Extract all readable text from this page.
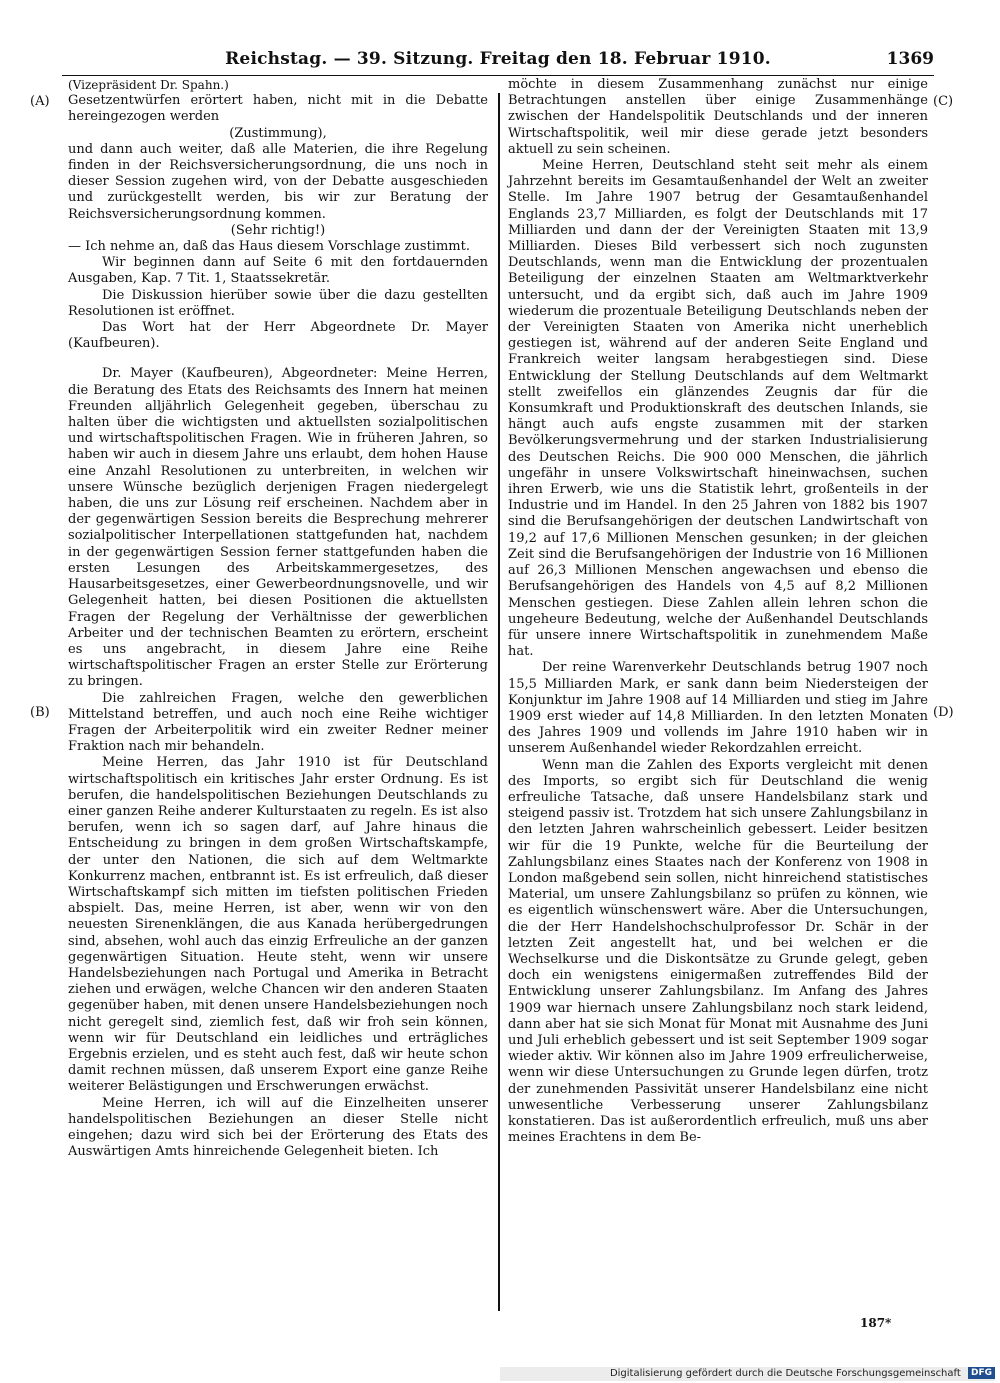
Reichstag. — 39. Sitzung. Freitag den 18. Februar 1910.	1369
(A)
(B)
(C)
(D)

(Vizepräsident Dr. Spahn.)

Gesetzentwürfen erörtert haben, nicht mit in die Debatte hereingezogen werden

(Zustimmung),

und dann auch weiter, daß alle Materien, die ihre Regelung finden in der Reichsversicherungsordnung, die uns noch in dieser Session zugehen wird, von der Debatte ausgeschieden und zurückgestellt werden, bis wir zur Beratung der Reichsversicherungsordnung kommen.

(Sehr richtig!)

— Ich nehme an, daß das Haus diesem Vorschlage zustimmt.

Wir beginnen dann auf Seite 6 mit den fortdauernden Ausgaben, Kap. 7 Tit. 1, Staatssekretär.

Die Diskussion hierüber sowie über die dazu gestellten Resolutionen ist eröffnet.

Das Wort hat der Herr Abgeordnete Dr. Mayer (Kaufbeuren).

Dr. Mayer (Kaufbeuren), Abgeordneter: Meine Herren, die Beratung des Etats des Reichsamts des Innern hat meinen Freunden alljährlich Gelegenheit gegeben, überschau zu halten über die wichtigsten und aktuellsten sozialpolitischen und wirtschaftspolitischen Fragen. Wie in früheren Jahren, so haben wir auch in diesem Jahre uns erlaubt, dem hohen Hause eine Anzahl Resolutionen zu unterbreiten, in welchen wir unsere Wünsche bezüglich derjenigen Fragen niedergelegt haben, die uns zur Lösung reif erscheinen. Nachdem aber in der gegenwärtigen Session bereits die Besprechung mehrerer sozialpolitischer Interpellationen stattgefunden hat, nachdem in der gegenwärtigen Session ferner stattgefunden haben die ersten Lesungen des Arbeitskammergesetzes, des Hausarbeitsgesetzes, einer Gewerbeordnungsnovelle, und wir Gelegenheit hatten, bei diesen Positionen die aktuellsten Fragen der Regelung der Verhältnisse der gewerblichen Arbeiter und der technischen Beamten zu erörtern, erscheint es uns angebracht, in diesem Jahre eine Reihe wirtschaftspolitischer Fragen an erster Stelle zur Erörterung zu bringen.

Die zahlreichen Fragen, welche den gewerblichen Mittelstand betreffen, und auch noch eine Reihe wichtiger Fragen der Arbeiterpolitik wird ein zweiter Redner meiner Fraktion nach mir behandeln.

Meine Herren, das Jahr 1910 ist für Deutschland wirtschaftspolitisch ein kritisches Jahr erster Ordnung. Es ist berufen, die handelspolitischen Beziehungen Deutschlands zu einer ganzen Reihe anderer Kulturstaaten zu regeln. Es ist also berufen, wenn ich so sagen darf, auf Jahre hinaus die Entscheidung zu bringen in dem großen Wirtschaftskampfe, der unter den Nationen, die sich auf dem Weltmarkte Konkurrenz machen, entbrannt ist. Es ist erfreulich, daß dieser Wirtschaftskampf sich mitten im tiefsten politischen Frieden abspielt. Das, meine Herren, ist aber, wenn wir von den neuesten Sirenenklängen, die aus Kanada herübergedrungen sind, absehen, wohl auch das einzig Erfreuliche an der ganzen gegenwärtigen Situation. Heute steht, wenn wir unsere Handelsbeziehungen nach Portugal und Amerika in Betracht ziehen und erwägen, welche Chancen wir den anderen Staaten gegenüber haben, mit denen unsere Handelsbeziehungen noch nicht geregelt sind, ziemlich fest, daß wir froh sein können, wenn wir für Deutschland ein leidliches und erträgliches Ergebnis erzielen, und es steht auch fest, daß wir heute schon damit rechnen müssen, daß unserem Export eine ganze Reihe weiterer Belästigungen und Erschwerungen erwächst.

Meine Herren, ich will auf die Einzelheiten unserer handelspolitischen Beziehungen an dieser Stelle nicht eingehen; dazu wird sich bei der Erörterung des Etats des Auswärtigen Amts hinreichende Gelegenheit bieten. Ich

möchte in diesem Zusammenhang zunächst nur einige Betrachtungen anstellen über einige Zusammenhänge zwischen der Handelspolitik Deutschlands und der inneren Wirtschaftspolitik, weil mir diese gerade jetzt besonders aktuell zu sein scheinen.

Meine Herren, Deutschland steht seit mehr als einem Jahrzehnt bereits im Gesamtaußenhandel der Welt an zweiter Stelle. Im Jahre 1907 betrug der Gesamtaußenhandel Englands 23,7 Milliarden, es folgt der Deutschlands mit 17 Milliarden und dann der der Vereinigten Staaten mit 13,9 Milliarden. Dieses Bild verbessert sich noch zugunsten Deutschlands, wenn man die Entwicklung der prozentualen Beteiligung der einzelnen Staaten am Weltmarktverkehr untersucht, und da ergibt sich, daß auch im Jahre 1909 wiederum die prozentuale Beteiligung Deutschlands neben der der Vereinigten Staaten von Amerika nicht unerheblich gestiegen ist, während auf der anderen Seite England und Frankreich weiter langsam herabgestiegen sind. Diese Entwicklung der Stellung Deutschlands auf dem Weltmarkt stellt zweifellos ein glänzendes Zeugnis dar für die Konsumkraft und Produktionskraft des deutschen Inlands, sie hängt auch aufs engste zusammen mit der starken Bevölkerungsvermehrung und der starken Industrialisierung des Deutschen Reichs. Die 900 000 Menschen, die jährlich ungefähr in unsere Volkswirtschaft hineinwachsen, suchen ihren Erwerb, wie uns die Statistik lehrt, großenteils in der Industrie und im Handel. In den 25 Jahren von 1882 bis 1907 sind die Berufsangehörigen der deutschen Landwirtschaft von 19,2 auf 17,6 Millionen Menschen gesunken; in der gleichen Zeit sind die Berufsangehörigen der Industrie von 16 Millionen auf 26,3 Millionen Menschen angewachsen und ebenso die Berufsangehörigen des Handels von 4,5 auf 8,2 Millionen Menschen gestiegen. Diese Zahlen allein lehren schon die ungeheure Bedeutung, welche der Außenhandel Deutschlands für unsere innere Wirtschaftspolitik in zunehmendem Maße hat.

Der reine Warenverkehr Deutschlands betrug 1907 noch 15,5 Milliarden Mark, er sank dann beim Niedersteigen der Konjunktur im Jahre 1908 auf 14 Milliarden und stieg im Jahre 1909 erst wieder auf 14,8 Milliarden. In den letzten Monaten des Jahres 1909 und vollends im Jahre 1910 haben wir in unserem Außenhandel wieder Rekordzahlen erreicht.

Wenn man die Zahlen des Exports vergleicht mit denen des Imports, so ergibt sich für Deutschland die wenig erfreuliche Tatsache, daß unsere Handelsbilanz stark und steigend passiv ist. Trotzdem hat sich unsere Zahlungsbilanz in den letzten Jahren wahrscheinlich gebessert. Leider besitzen wir für die 19 Punkte, welche für die Beurteilung der Zahlungsbilanz eines Staates nach der Konferenz von 1908 in London maßgebend sein sollen, nicht hinreichend statistisches Material, um unsere Zahlungsbilanz so prüfen zu können, wie es eigentlich wünschenswert wäre. Aber die Untersuchungen, die der Herr Handelshochschulprofessor Dr. Schär in der letzten Zeit angestellt hat, und bei welchen er die Wechselkurse und die Diskontsätze zu Grunde gelegt, geben doch ein wenigstens einigermaßen zutreffendes Bild der Entwicklung unserer Zahlungsbilanz. Im Anfang des Jahres 1909 war hiernach unsere Zahlungsbilanz noch stark leidend, dann aber hat sie sich Monat für Monat mit Ausnahme des Juni und Juli erheblich gebessert und ist seit September 1909 sogar wieder aktiv. Wir können also im Jahre 1909 erfreulicherweise, wenn wir diese Untersuchungen zu Grunde legen dürfen, trotz der zunehmenden Passivität unserer Handelsbilanz eine nicht unwesentliche Verbesserung unserer Zahlungsbilanz konstatieren. Das ist außerordentlich erfreulich, muß uns aber meines Erachtens in dem Be-

187*
Digitalisierung gefördert durch die Deutsche Forschungsgemeinschaft DFG
